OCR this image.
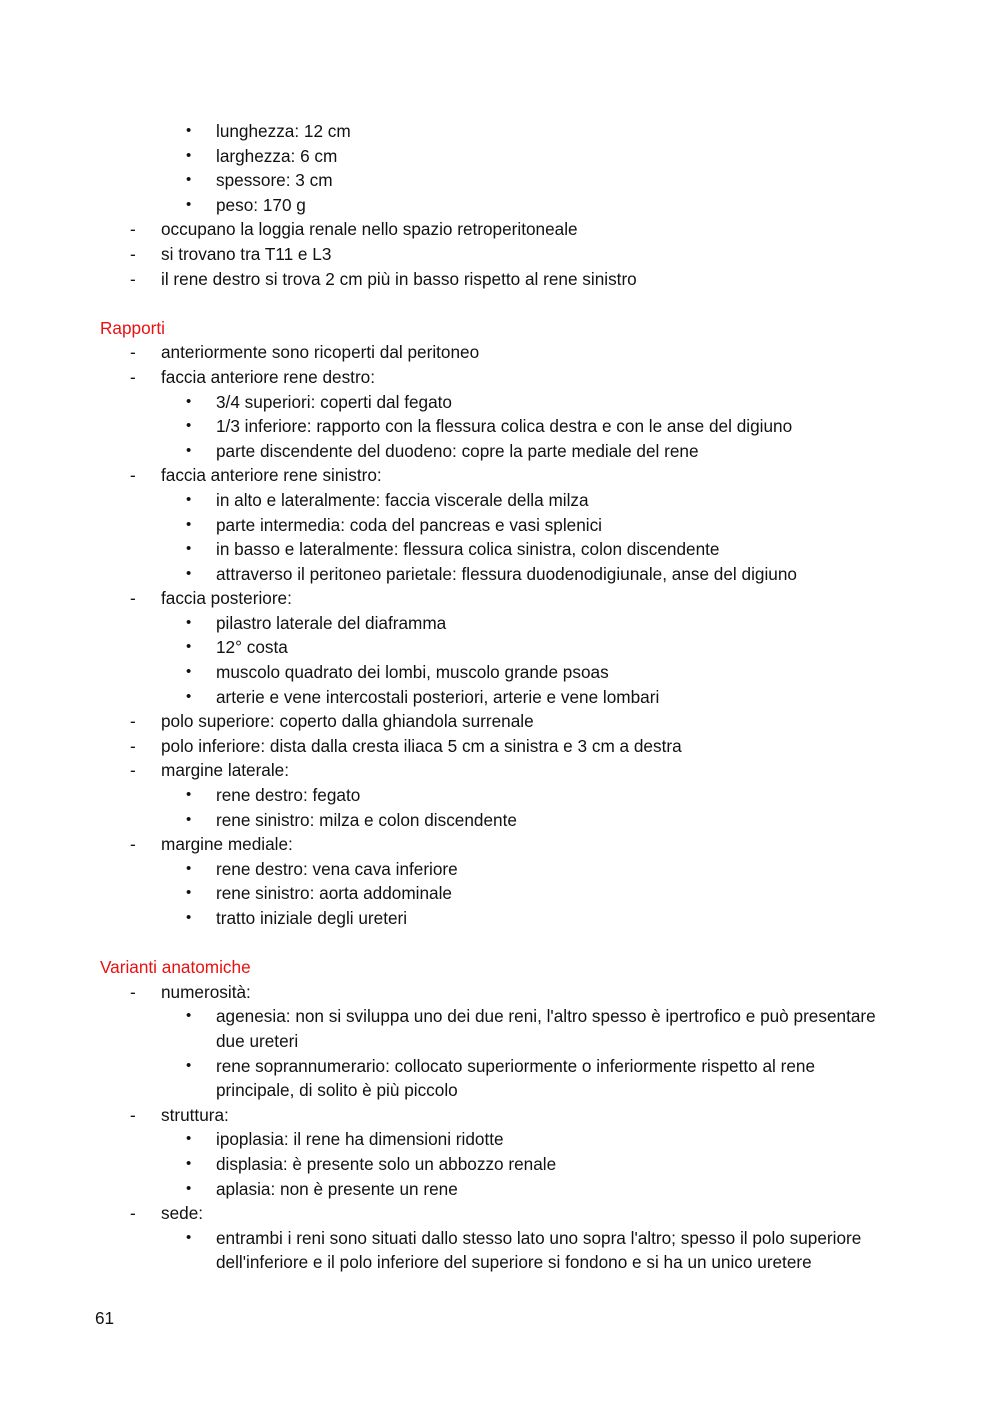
• lunghezza: 12 cm
• larghezza: 6 cm
• spessore: 3 cm
• peso: 170 g
- occupano la loggia renale nello spazio retroperitoneale
- si trovano tra T11 e L3
- il rene destro si trova 2 cm più in basso rispetto al rene sinistro
Rapporti
- anteriormente sono ricoperti dal peritoneo
- faccia anteriore rene destro:
• 3/4 superiori: coperti dal fegato
• 1/3 inferiore: rapporto con la flessura colica destra e con le anse del digiuno
• parte discendente del duodeno: copre la parte mediale del rene
- faccia anteriore rene sinistro:
• in alto e lateralmente: faccia viscerale della milza
• parte intermedia: coda del pancreas e vasi splenici
• in basso e lateralmente: flessura colica sinistra, colon discendente
• attraverso il peritoneo parietale: flessura duodenodigiunale, anse del digiuno
- faccia posteriore:
• pilastro laterale del diaframma
• 12° costa
• muscolo quadrato dei lombi, muscolo grande psoas
• arterie e vene intercostali posteriori, arterie e vene lombari
- polo superiore: coperto dalla ghiandola surrenale
- polo inferiore: dista dalla cresta iliaca 5 cm a sinistra e 3 cm a destra
- margine laterale:
• rene destro: fegato
• rene sinistro: milza e colon discendente
- margine mediale:
• rene destro: vena cava inferiore
• rene sinistro: aorta addominale
• tratto iniziale degli ureteri
Varianti anatomiche
- numerosità:
• agenesia: non si sviluppa uno dei due reni, l'altro spesso è ipertrofico e può presentare due ureteri
• rene soprannumerario: collocato superiormente o inferiormente rispetto al rene principale, di solito è più piccolo
- struttura:
• ipoplasia: il rene ha dimensioni ridotte
• displasia: è presente solo un abbozzo renale
• aplasia: non è presente un rene
- sede:
• entrambi i reni sono situati dallo stesso lato uno sopra l'altro; spesso il polo superiore dell'inferiore e il polo inferiore del superiore si fondono e si ha un unico uretere
61
